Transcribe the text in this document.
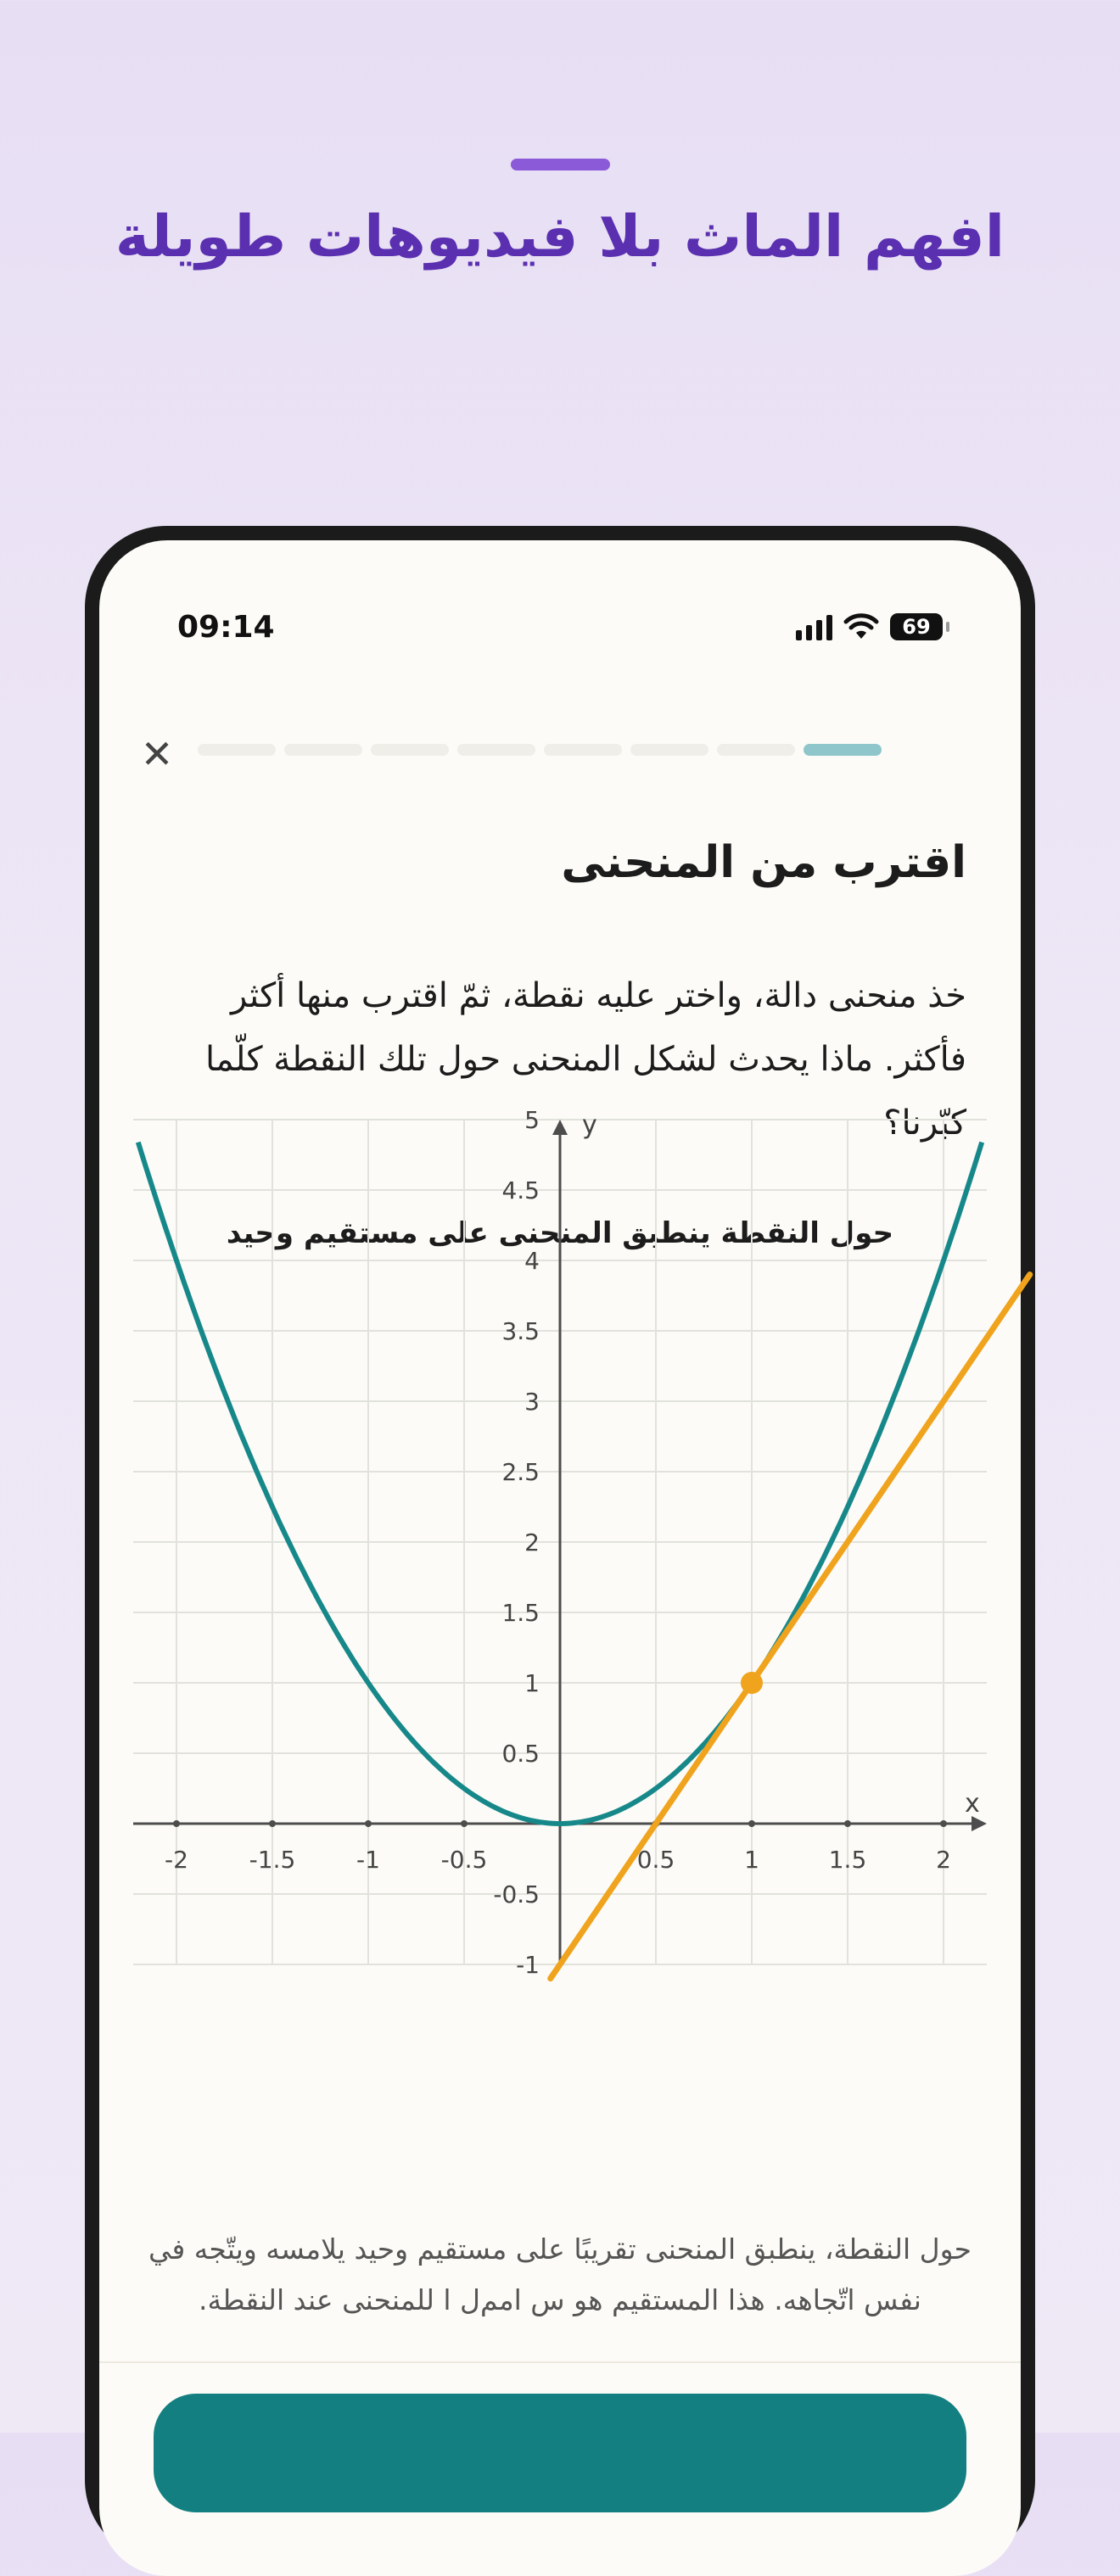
افهم الماث بلا فيديوهات طويلة
09:14	69
✕
اقترب من المنحنى
خذ منحنى دالة، واختر عليه نقطة، ثمّ اقترب منها أكثر فأكثر. ماذا يحدث لشكل المنحنى حول تلك النقطة كلّما كبّرنا؟
حول النقطة ينطبق المنحنى على مستقيم وحيد
x
y
-2	-1.5	-1	-0.5	0.5	1	1.5	2
-1
-0.5
0.5
1
1.5
2
2.5
3
3.5
4
4.5
5
حول النقطة، ينطبق المنحنى تقريبًا على مستقيم وحيد يلامسه ويتّجه في نفس اتّجاهه. هذا المستقيم هو س امم‌ل ا للمنحنى عند النقطة.
